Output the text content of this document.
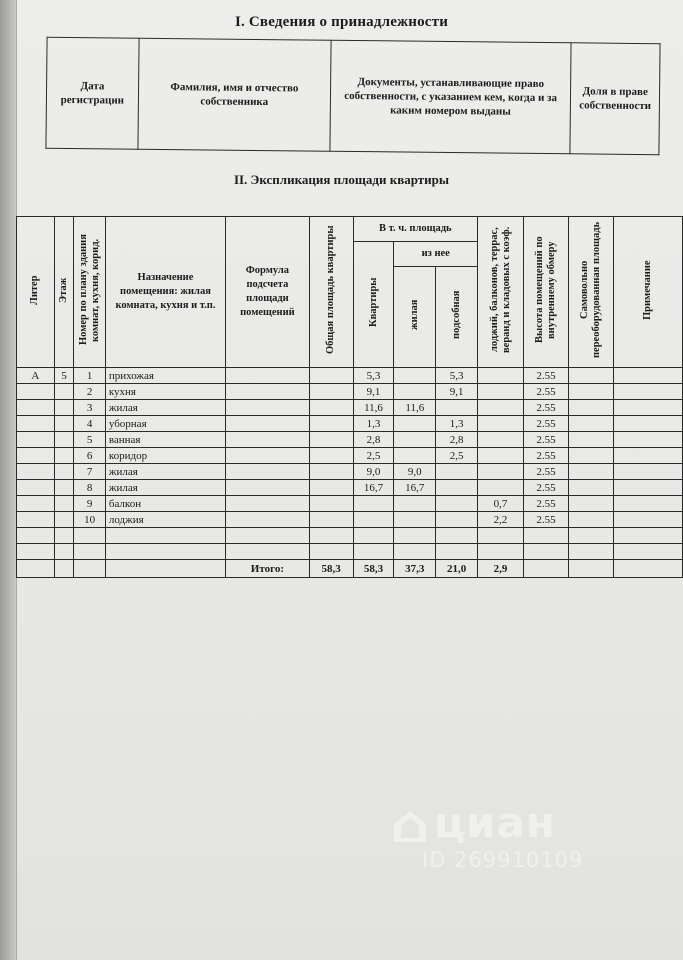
I. Сведения о принадлежности
Дата регистрации	Фамилия, имя и отчество собственника	Документы, устанавливающие право собственности, с указанием кем, когда и за каким номером выданы	Доля в праве собственности
II. Экспликация площади квартиры
Литер	Этаж	Номер по плану здания комнат, кухня, корид.	Назначение помещения: жилая комната, кухня и т.п.	Формула подсчета площади помещений	Общая площадь квартиры	В т. ч. площадь			лоджий, балконов, террас, веранд и кладовых с коэф.	Высота помещений по внутреннему обмеру	Самовольно переоборудованная площадь	Примечание
						Квартиры	из нее					
							жилая	подсобная				
А	5	1	прихожая			5,3		5,3		2.55		
		2	кухня			9,1		9,1		2.55		
		3	жилая			11,6	11,6			2.55		
		4	уборная			1,3		1,3		2.55		
		5	ванная			2,8		2,8		2.55		
		6	коридор			2,5		2,5		2.55		
		7	жилая			9,0	9,0			2.55		
		8	жилая			16,7	16,7			2.55		
		9	балкон						0,7	2.55		
		10	лоджия						2,2	2.55		

				Итого:	58,3	58,3	37,3	21,0	2,9			
циан
ID 269910109
